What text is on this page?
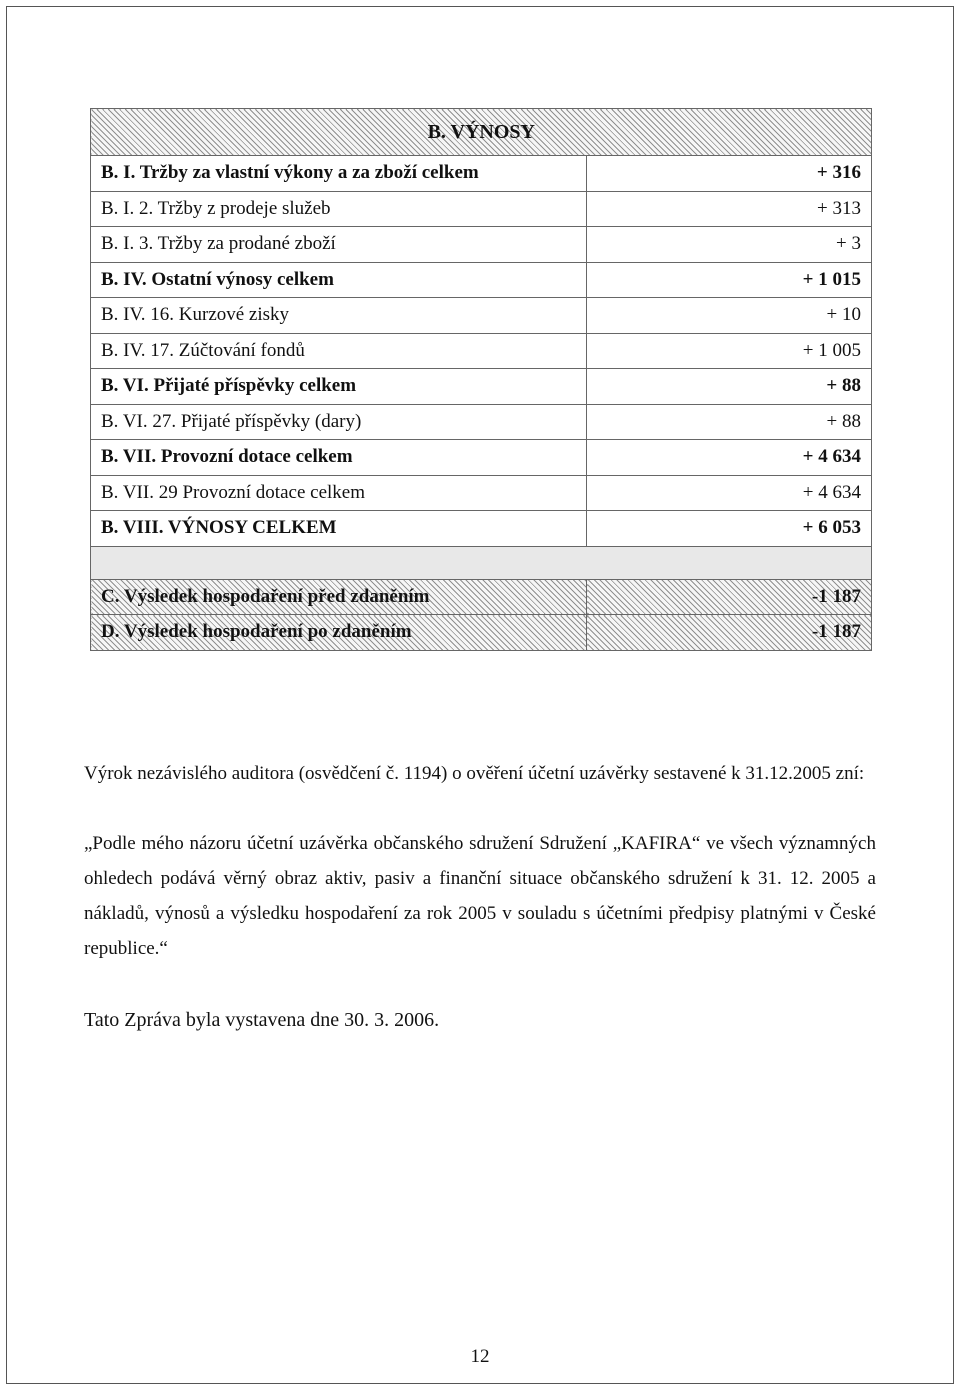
B. VÝNOSY	
B. I. Tržby za vlastní výkony a za zboží celkem	+ 316
B. I. 2. Tržby z prodeje služeb	+ 313
B. I. 3. Tržby za prodané zboží	+ 3
B. IV. Ostatní výnosy celkem	+ 1 015
B. IV. 16. Kurzové zisky	+ 10
B. IV. 17. Zúčtování fondů	+ 1 005
B. VI. Přijaté příspěvky celkem	+ 88
B. VI. 27. Přijaté příspěvky (dary)	+ 88
B. VII. Provozní dotace celkem	+ 4 634
B. VII. 29 Provozní dotace celkem	+ 4 634
B. VIII. VÝNOSY CELKEM	+ 6 053

C. Výsledek hospodaření před zdaněním	-1 187
D. Výsledek hospodaření po zdanění​m	-1 187
Výrok nezávislého auditora (osvědčení č. 1194) o ověření účetní uzávěrky sestavené k 31.12.2005 zní:
„Podle mého názoru účetní uzávěrka občanského sdružení Sdružení „KAFIRA“ ve všech významných ohledech podává věrný obraz aktiv, pasiv a finanční situace občanského sdružení k 31. 12. 2005 a nákladů, výnosů a výsledku hospodaření za rok 2005 v souladu s účetními předpisy platnými v České republice.“
Tato Zpráva byla vystavena dne 30. 3. 2006.
12
